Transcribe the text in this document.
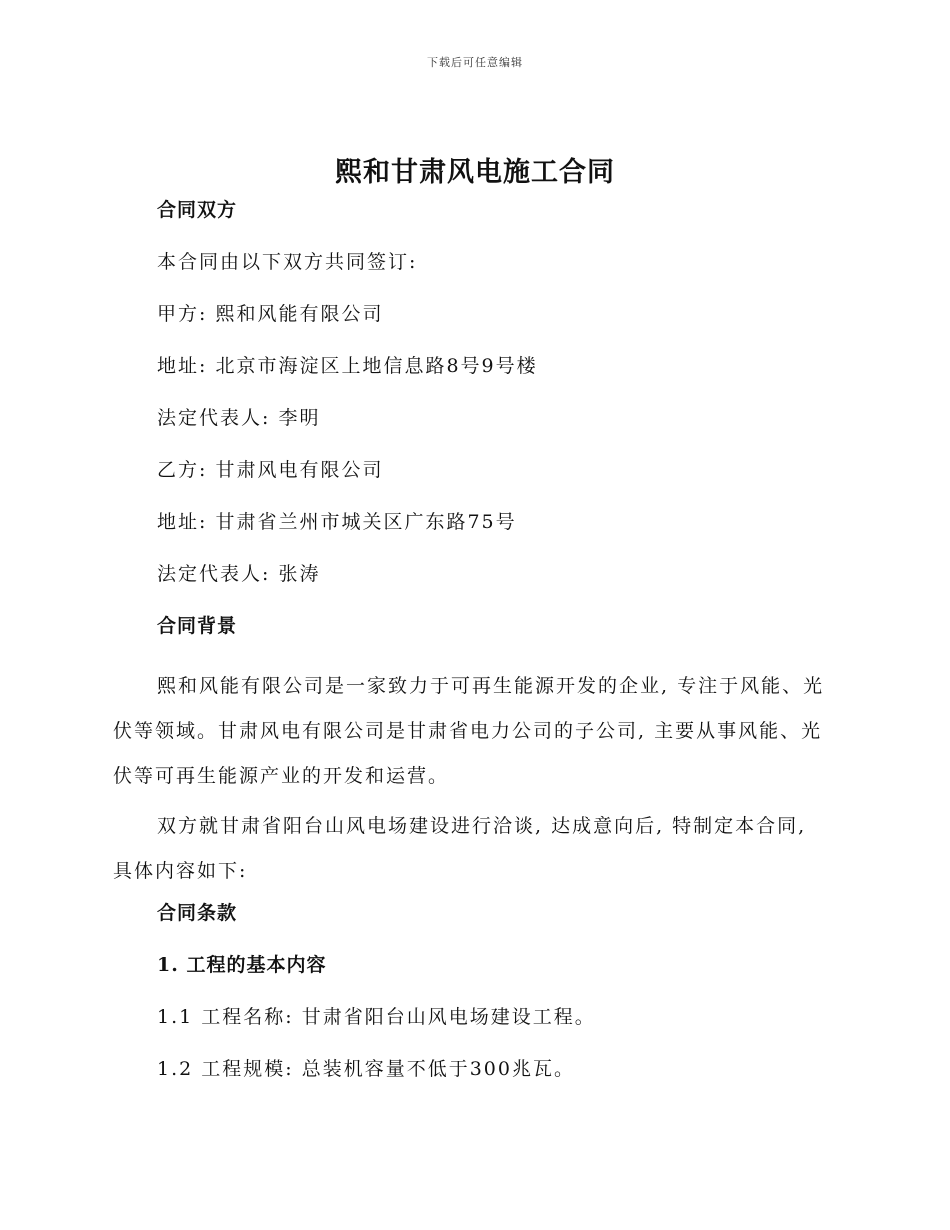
下载后可任意编辑
熙和甘肃风电施工合同

合同双方

本合同由以下双方共同签订:

甲方: 熙和风能有限公司

地址: 北京市海淀区上地信息路8号9号楼

法定代表人: 李明

乙方: 甘肃风电有限公司

地址: 甘肃省兰州市城关区广东路75号

法定代表人: 张涛

合同背景

熙和风能有限公司是一家致力于可再生能源开发的企业, 专注于风能、光伏等领域。甘肃风电有限公司是甘肃省电力公司的子公司, 主要从事风能、光伏等可再生能源产业的开发和运营。

双方就甘肃省阳台山风电场建设进行洽谈, 达成意向后, 特制定本合同, 具体内容如下:

合同条款

1. 工程的基本内容

1.1 工程名称: 甘肃省阳台山风电场建设工程。

1.2 工程规模: 总装机容量不低于300兆瓦。
